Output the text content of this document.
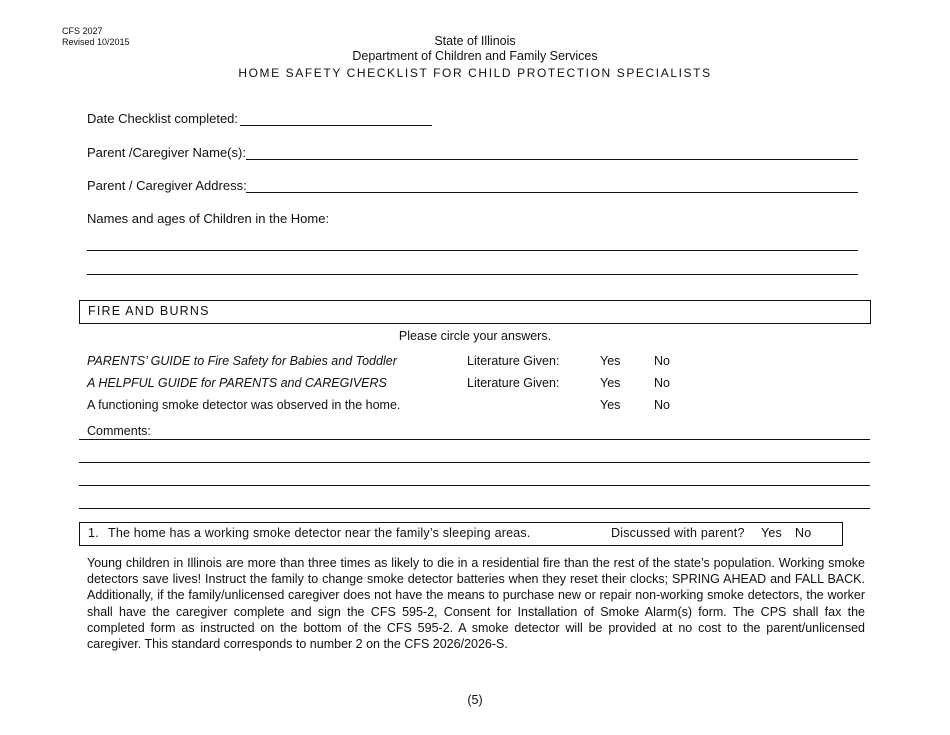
CFS 2027
Revised 10/2015	State of Illinois
Department of Children and Family Services
HOME SAFETY CHECKLIST FOR CHILD PROTECTION SPECIALISTS
Date Checklist completed:
Parent /Caregiver Name(s):
Parent / Caregiver Address:
Names and ages of Children in the Home:
FIRE AND BURNS
Please circle your answers.
PARENTS’ GUIDE to Fire Safety for Babies and Toddler	Literature Given:	Yes	No
A HELPFUL GUIDE for PARENTS and CAREGIVERS	Literature Given:	Yes	No
A functioning smoke detector was observed in the home.	Yes	No
Comments:
1. The home has a working smoke detector near the family’s sleeping areas.	Discussed with parent? Yes No
Young children in Illinois are more than three times as likely to die in a residential fire than the rest of the state’s population. Working smoke detectors save lives! Instruct the family to change smoke detector batteries when they reset their clocks; SPRING AHEAD and FALL BACK. Additionally, if the family/unlicensed caregiver does not have the means to purchase new or repair non-working smoke detectors, the worker shall have the caregiver complete and sign the CFS 595-2, Consent for Installation of Smoke Alarm(s) form. The CPS shall fax the completed form as instructed on the bottom of the CFS 595-2. A smoke detector will be provided at no cost to the parent/unlicensed caregiver. This standard corresponds to number 2 on the CFS 2026/2026-S.
(5)
